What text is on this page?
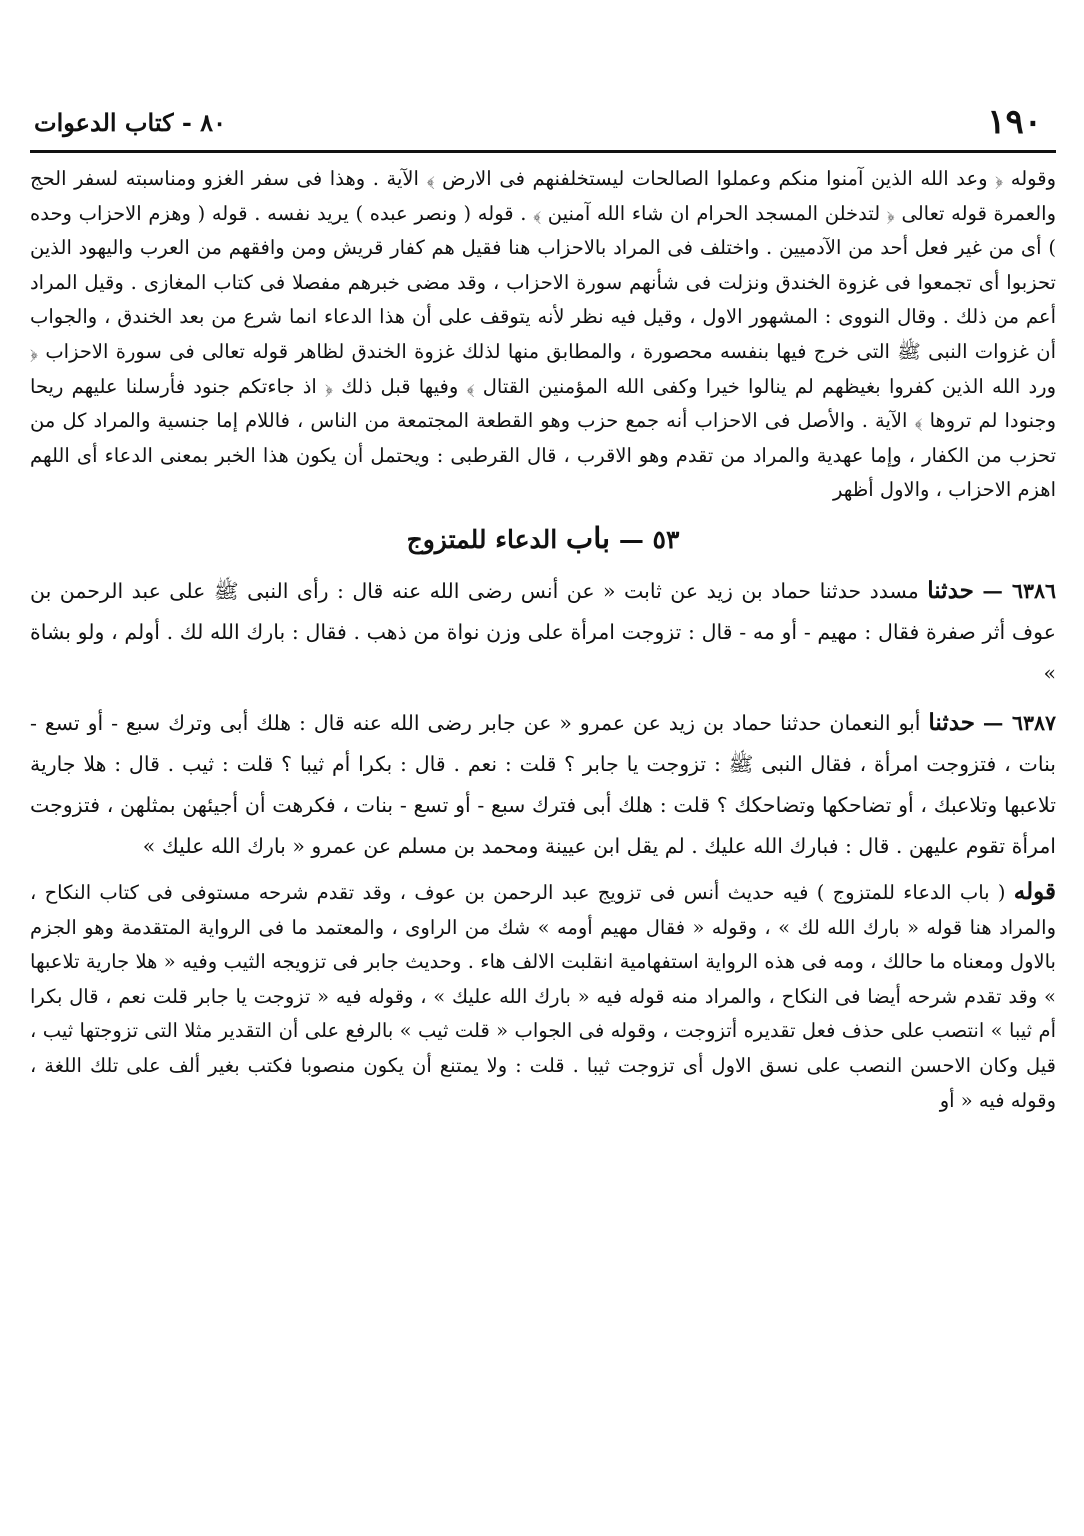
١٩٠
٨٠ - كتاب الدعوات

وقوله ﴿ وعد الله الذين آمنوا منكم وعملوا الصالحات ليستخلفنهم فى الارض ﴾ الآية . وهذا فى سفر الغزو ومناسبته لسفر الحج والعمرة قوله تعالى ﴿ لتدخلن المسجد الحرام ان شاء الله آمنين ﴾ . قوله ( ونصر عبده ) يريد نفسه . قوله ( وهزم الاحزاب وحده ) أى من غير فعل أحد من الآدميين . واختلف فى المراد بالاحزاب هنا فقيل هم كفار قريش ومن وافقهم من العرب واليهود الذين تحزبوا أى تجمعوا فى غزوة الخندق ونزلت فى شأنهم سورة الاحزاب ، وقد مضى خبرهم مفصلا فى كتاب المغازى . وقيل المراد أعم من ذلك . وقال النووى : المشهور الاول ، وقيل فيه نظر لأنه يتوقف على أن هذا الدعاء انما شرع من بعد الخندق ، والجواب أن غزوات النبى ﷺ التى خرج فيها بنفسه محصورة ، والمطابق منها لذلك غزوة الخندق لظاهر قوله تعالى فى سورة الاحزاب ﴿ ورد الله الذين كفروا بغيظهم لم ينالوا خيرا وكفى الله المؤمنين القتال ﴾ وفيها قبل ذلك ﴿ اذ جاءتكم جنود فأرسلنا عليهم ريحا وجنودا لم تروها ﴾ الآية . والأصل فى الاحزاب أنه جمع حزب وهو القطعة المجتمعة من الناس ، فاللام إما جنسية والمراد كل من تحزب من الكفار ، وإما عهدية والمراد من تقدم وهو الاقرب ، قال القرطبى : ويحتمل أن يكون هذا الخبر بمعنى الدعاء أى اللهم اهزم الاحزاب ، والاول أظهر

٥٣ — باب الدعاء للمتزوج

٦٣٨٦ — حدثنا مسدد حدثنا حماد بن زيد عن ثابت « عن أنس رضى الله عنه قال : رأى النبى ﷺ على عبد الرحمن بن عوف أثر صفرة فقال : مهيم - أو مه - قال : تزوجت امرأة على وزن نواة من ذهب . فقال : بارك الله لك . أولم ، ولو بشاة »

٦٣٨٧ — حدثنا أبو النعمان حدثنا حماد بن زيد عن عمرو « عن جابر رضى الله عنه قال : هلك أبى وترك سبع - أو تسع - بنات ، فتزوجت امرأة ، فقال النبى ﷺ : تزوجت يا جابر ؟ قلت : نعم . قال : بكرا أم ثيبا ؟ قلت : ثيب . قال : هلا جارية تلاعبها وتلاعبك ، أو تضاحكها وتضاحكك ؟ قلت : هلك أبى فترك سبع - أو تسع - بنات ، فكرهت أن أجيئهن بمثلهن ، فتزوجت امرأة تقوم عليهن . قال : فبارك الله عليك . لم يقل ابن عيينة ومحمد بن مسلم عن عمرو « بارك الله عليك »

قوله ( باب الدعاء للمتزوج ) فيه حديث أنس فى تزويج عبد الرحمن بن عوف ، وقد تقدم شرحه مستوفى فى كتاب النكاح ، والمراد هنا قوله « بارك الله لك » ، وقوله « فقال مهيم أومه » شك من الراوى ، والمعتمد ما فى الرواية المتقدمة وهو الجزم بالاول ومعناه ما حالك ، ومه فى هذه الرواية استفهامية انقلبت الالف هاء . وحديث جابر فى تزويجه الثيب وفيه « هلا جارية تلاعبها » وقد تقدم شرحه أيضا فى النكاح ، والمراد منه قوله فيه « بارك الله عليك » ، وقوله فيه « تزوجت يا جابر قلت نعم ، قال بكرا أم ثيبا » انتصب على حذف فعل تقديره أتزوجت ، وقوله فى الجواب « قلت ثيب » بالرفع على أن التقدير مثلا التى تزوجتها ثيب ، قيل وكان الاحسن النصب على نسق الاول أى تزوجت ثيبا . قلت : ولا يمتنع أن يكون منصوبا فكتب بغير ألف على تلك اللغة ، وقوله فيه « أو
